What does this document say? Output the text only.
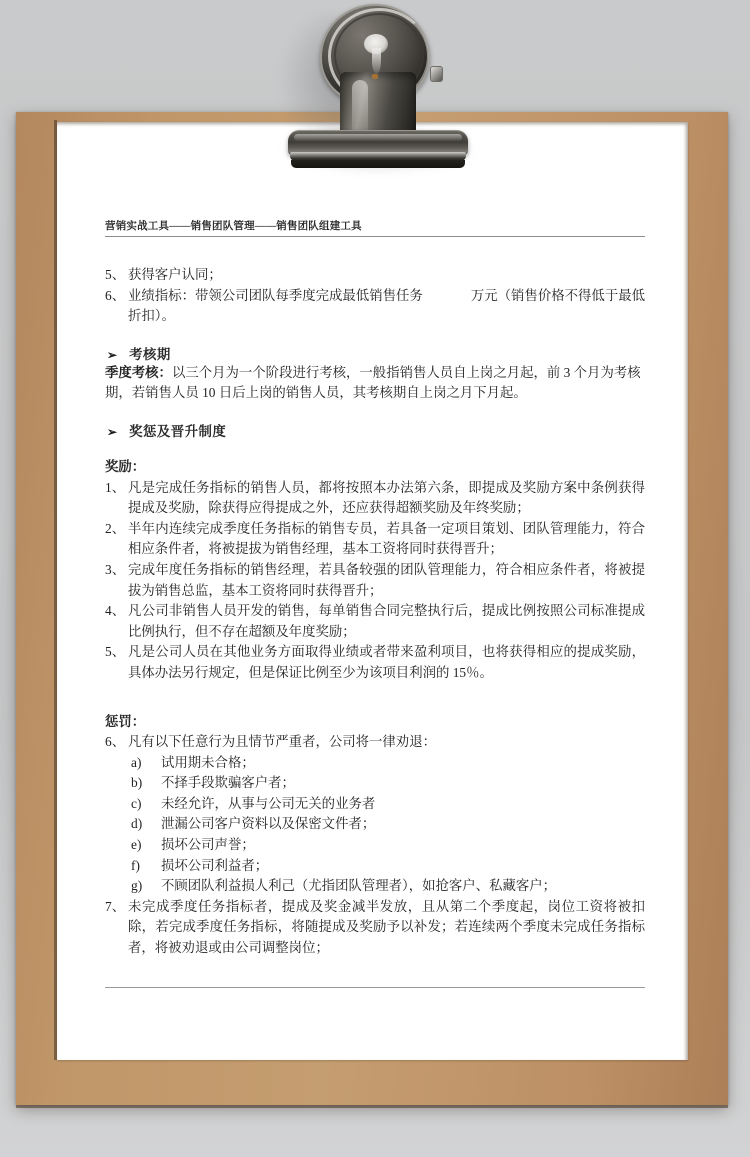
营销实战工具——销售团队管理——销售团队组建工具
5、 获得客户认同；
6、 业绩指标：带领公司团队每季度完成最低销售任务	万元（销售价格不得低于最低折扣）。
➢ 考核期
季度考核：以三个月为一个阶段进行考核，一般指销售人员自上岗之月起，前 3 个月为考核期，若销售人员 10 日后上岗的销售人员，其考核期自上岗之月下月起。
➢ 奖惩及晋升制度
奖励：
1、 凡是完成任务指标的销售人员，都将按照本办法第六条，即提成及奖励方案中条例获得提成及奖励，除获得应得提成之外，还应获得超额奖励及年终奖励；
2、 半年内连续完成季度任务指标的销售专员，若具备一定项目策划、团队管理能力，符合相应条件者，将被提拔为销售经理，基本工资将同时获得晋升；
3、 完成年度任务指标的销售经理，若具备较强的团队管理能力，符合相应条件者，将被提拔为销售总监，基本工资将同时获得晋升；
4、 凡公司非销售人员开发的销售，每单销售合同完整执行后，提成比例按照公司标准提成比例执行，但不存在超额及年度奖励；
5、 凡是公司人员在其他业务方面取得业绩或者带来盈利项目，也将获得相应的提成奖励，具体办法另行规定，但是保证比例至少为该项目利润的 15％。
惩罚：
6、 凡有以下任意行为且情节严重者，公司将一律劝退：
a)	试用期未合格；
b)	不择手段欺骗客户者；
c)	未经允许，从事与公司无关的业务者
d)	泄漏公司客户资料以及保密文件者；
e)	损坏公司声誉；
f)	损坏公司利益者；
g)	不顾团队利益损人利己（尤指团队管理者），如抢客户、私藏客户；
7、 未完成季度任务指标者，提成及奖金减半发放，且从第二个季度起，岗位工资将被扣除，若完成季度任务指标，将随提成及奖励予以补发；若连续两个季度未完成任务指标者，将被劝退或由公司调整岗位；
